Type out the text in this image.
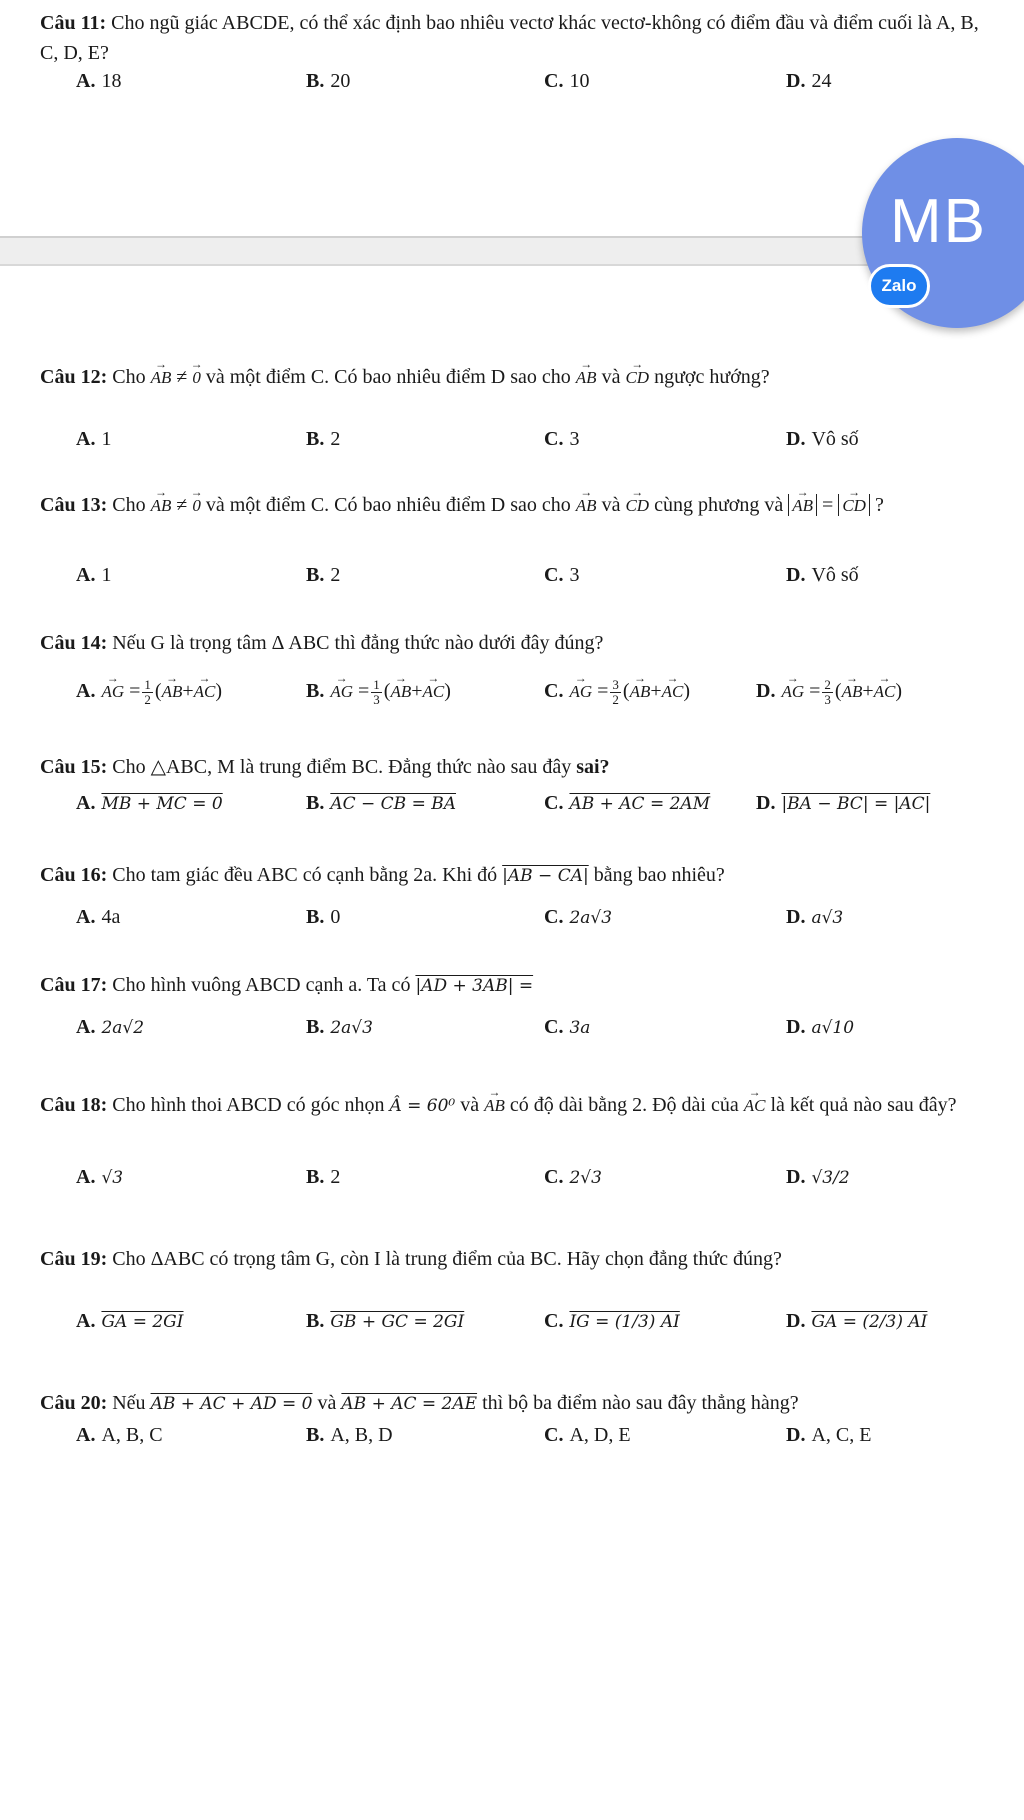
Câu 11: Cho ngũ giác ABCDE, có thể xác định bao nhiêu vectơ khác vectơ-không có điểm đầu và điểm cuối là A, B, C, D, E?
A. 18	B. 20	C. 10	D. 24
MB
Zalo
Câu 12: Cho → AB ≠ → 0 và một điểm C. Có bao nhiêu điểm D sao cho → AB và → CD ngược hướng?
A. 1	B. 2	C. 3	D. Vô số
Câu 13: Cho → AB ≠ → 0 và một điểm C. Có bao nhiêu điểm D sao cho → AB và → CD cùng phương và → AB = → CD ?
A. 1	B. 2	C. 3	D. Vô số
Câu 14: Nếu G là trọng tâm Δ ABC thì đẳng thức nào dưới đây đúng?
A. → AG = $\frac{1}{2}$ (→ AB+→ AC)	B. → AG = $\frac{1}{3}$ (→ AB+→ AC)	C. → AG = $\frac{3}{2}$ (→ AB+→ AC)	D. → AG = $\frac{2}{3}$ (→ AB+→ AC)
Câu 15: Cho △ABC, M là trung điểm BC. Đẳng thức nào sau đây sai?
A. MB + MC = 0	B. AC − CB = BA	C. AB + AC = 2AM D. |BA − BC| = |AC|
Câu 16: Cho tam giác đều ABC có cạnh bằng 2a. Khi đó |AB − CA| bằng bao nhiêu?
A. 4a	B. 0	C. 2a√3	D. a√3
Câu 17: Cho hình vuông ABCD cạnh a. Ta có |AD + 3AB| =
A. 2a√2	B. 2a√3	C. 3a	D. a√10
Câu 18: Cho hình thoi ABCD có góc nhọn Â = 60⁰ và → AB có độ dài bằng 2. Độ dài của → AC là kết quả nào sau đây?
A. √3	B. 2	C. 2√3	D. √3/2
Câu 19: Cho ΔABC có trọng tâm G, còn I là trung điểm của BC. Hãy chọn đẳng thức đúng?
A. GA = 2GI	B. GB + GC = 2GI	C. IG = (1/3) AI	D. GA = (2/3) AI
Câu 20: Nếu AB + AC + AD = 0 và AB + AC = 2AE thì bộ ba điểm nào sau đây thẳng hàng?
A. A, B, C	B. A, B, D	C. A, D, E	D. A, C, E
